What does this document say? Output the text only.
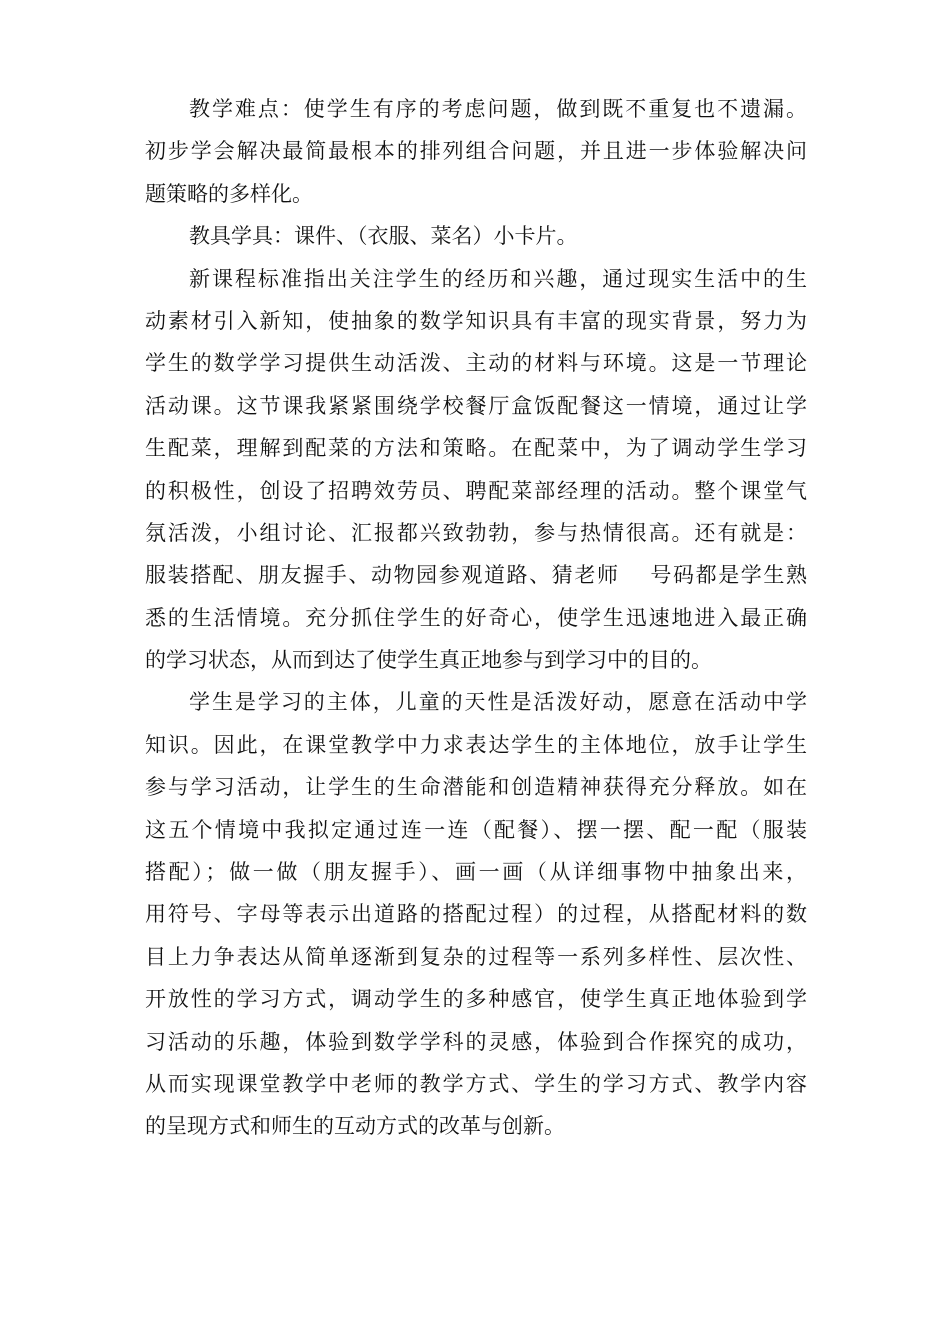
教学难点：使学生有序的考虑问题，做到既不重复也不遗漏。
初步学会解决最简最根本的排列组合问题，并且进一步体验解决问
题策略的多样化。
教具学具：课件、（衣服、菜名）小卡片。
新课程标准指出关注学生的经历和兴趣，通过现实生活中的生
动素材引入新知，使抽象的数学知识具有丰富的现实背景，努力为
学生的数学学习提供生动活泼、主动的材料与环境。这是一节理论
活动课。这节课我紧紧围绕学校餐厅盒饭配餐这一情境，通过让学
生配菜，理解到配菜的方法和策略。在配菜中，为了调动学生学习
的积极性，创设了招聘效劳员、聘配菜部经理的活动。整个课堂气
氛活泼，小组讨论、汇报都兴致勃勃，参与热情很高。还有就是：
服装搭配、朋友握手、动物园参观道路、猜老师　 号码都是学生熟
悉的生活情境。充分抓住学生的好奇心，使学生迅速地进入最正确
的学习状态，从而到达了使学生真正地参与到学习中的目的。
学生是学习的主体，儿童的天性是活泼好动，愿意在活动中学
知识。因此，在课堂教学中力求表达学生的主体地位，放手让学生
参与学习活动，让学生的生命潜能和创造精神获得充分释放。如在
这五个情境中我拟定通过连一连（配餐）、摆一摆、配一配（服装
搭配）；做一做（朋友握手）、画一画（从详细事物中抽象出来，
用符号、字母等表示出道路的搭配过程）的过程，从搭配材料的数
目上力争表达从简单逐渐到复杂的过程等一系列多样性、层次性、
开放性的学习方式，调动学生的多种感官，使学生真正地体验到学
习活动的乐趣，体验到数学学科的灵感，体验到合作探究的成功，
从而实现课堂教学中老师的教学方式、学生的学习方式、教学内容
的呈现方式和师生的互动方式的改革与创新。
